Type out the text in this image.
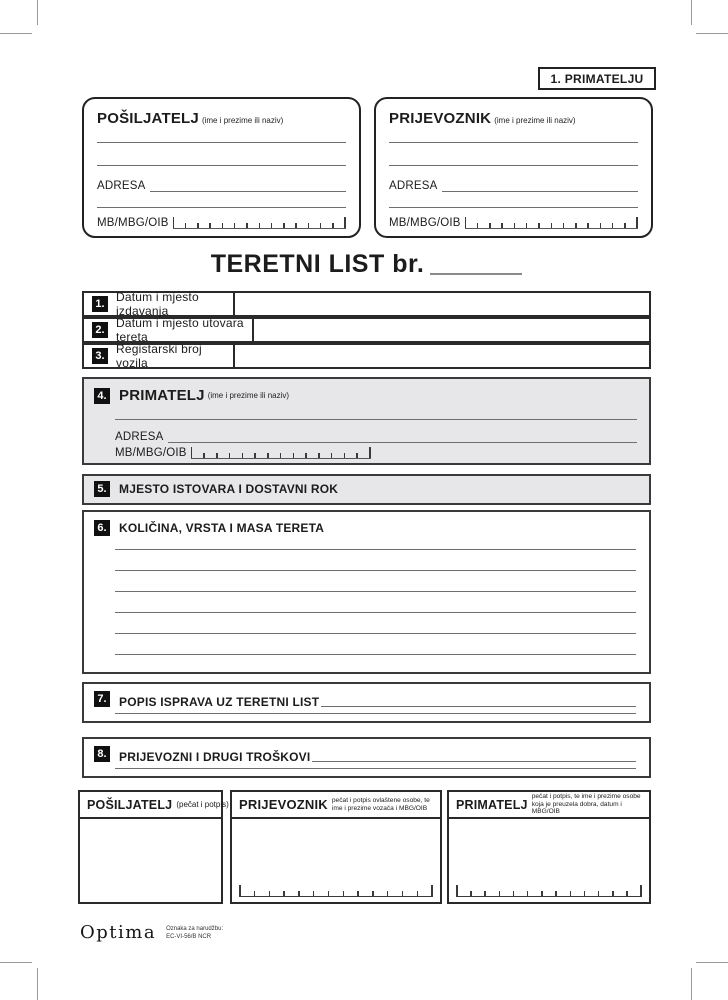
1. PRIMATELJU
POŠILJATELJ (ime i prezime ili naziv)
ADRESA
MB/MBG/OIB
PRIJEVOZNIK (ime i prezime ili naziv)
ADRESA
MB/MBG/OIB
TERETNI LIST br.
1. Datum i mjesto izdavanja
2. Datum i mjesto utovara tereta
3. Registarski broj vozila
4. PRIMATELJ (ime i prezime ili naziv)
ADRESA
MB/MBG/OIB
5. MJESTO ISTOVARA I DOSTAVNI ROK
6. KOLIČINA, VRSTA I MASA TERETA
7. POPIS ISPRAVA UZ TERETNI LIST
8. PRIJEVOZNI I DRUGI TROŠKOVI
POŠILJATELJ (pečat i potpis) PRIJEVOZNIK pečat i potpis ovlaštene osobe, te
ime i prezime vozača i MBG/OIB PRIMATELJ
pečat i potpis, te ime i prezime osobe
koja je preuzela dobra, datum i MBG/OIB
Optima Oznaka za narudžbu:
EC-VI-56/B NCR
